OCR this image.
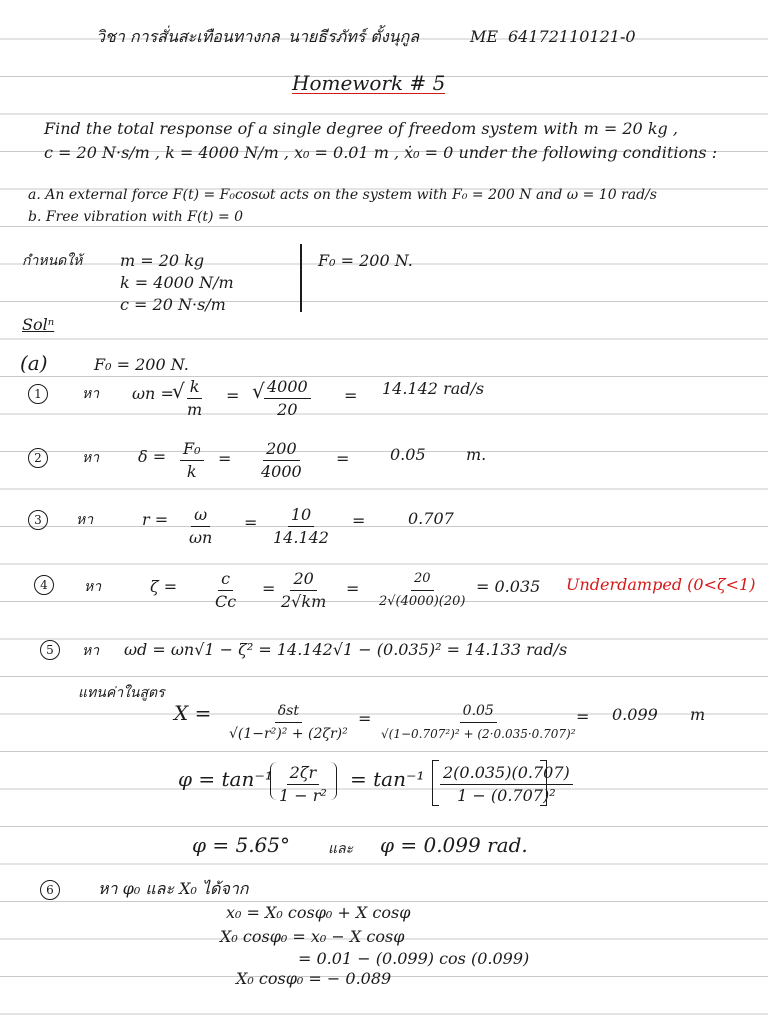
วิชา การสั่นสะเทือนทางกล นายธีรภัทร์ ตั้งนุกูล	ME 64172110121-0
Homework # 5
Find the total response of a single degree of freedom system with m = 20 kg ,
c = 20 N·s/m , k = 4000 N/m , x₀ = 0.01 m , ẋ₀ = 0 under the following conditions :
a. An external force F(t) = F₀cosωt acts on the system with F₀ = 200 N and ω = 10 rad/s
b. Free vibration with F(t) = 0
กำหนดให้ m = 20 kg
k = 4000 N/m
c = 20 N·s/m
F₀ = 200 N.
Solⁿ
(a)	F₀ = 200 N.
1	หา ωn =
√ $\frac{k}{m}$ = √ $\frac{4000}{20} = 14.142$ rad/s
2	หา $\delta = \frac{\text{F₀}}{k} = \frac{200}{4000}$ =	0.05	m.
3	หา	$r = \frac{\omega}{\omega n} = \frac{10}{14.142}$ =	0.707
4	หา	$\zeta = \frac{c}{Cc} = \frac{20}{2√km} = \frac{20}{2√(4000)(20)} = 0.035$ Underdamped (0<ζ<1)
5	หา ωd = ωn√1 − ζ² = 14.142√1 − (0.035)² = 14.133 rad/s
แทนค่าในสูตร
X =	δst
√(1−r²)² + (2ζr)²
= $\frac{0.05}{\text{√(1−0.707²)² + (2·0.035·0.707)²}}$
= 0.099 m
$\varphi = \tan^{-1} \frac{2\zeta r}{\text{1 − r²}} = \tan^{-1} \frac{2(0.035)(0.707)}{\text{1 − (0.707)²}}$
φ = 5.65°	และ φ = 0.099 rad.
6	หา φ₀ และ X₀ ได้จาก
x₀ = X₀ cosφ₀ + X cosφ
X₀ cosφ₀ = x₀ − X cosφ
= 0.01 − (0.099) cos (0.099)
X₀ cosφ₀ = − 0.089
